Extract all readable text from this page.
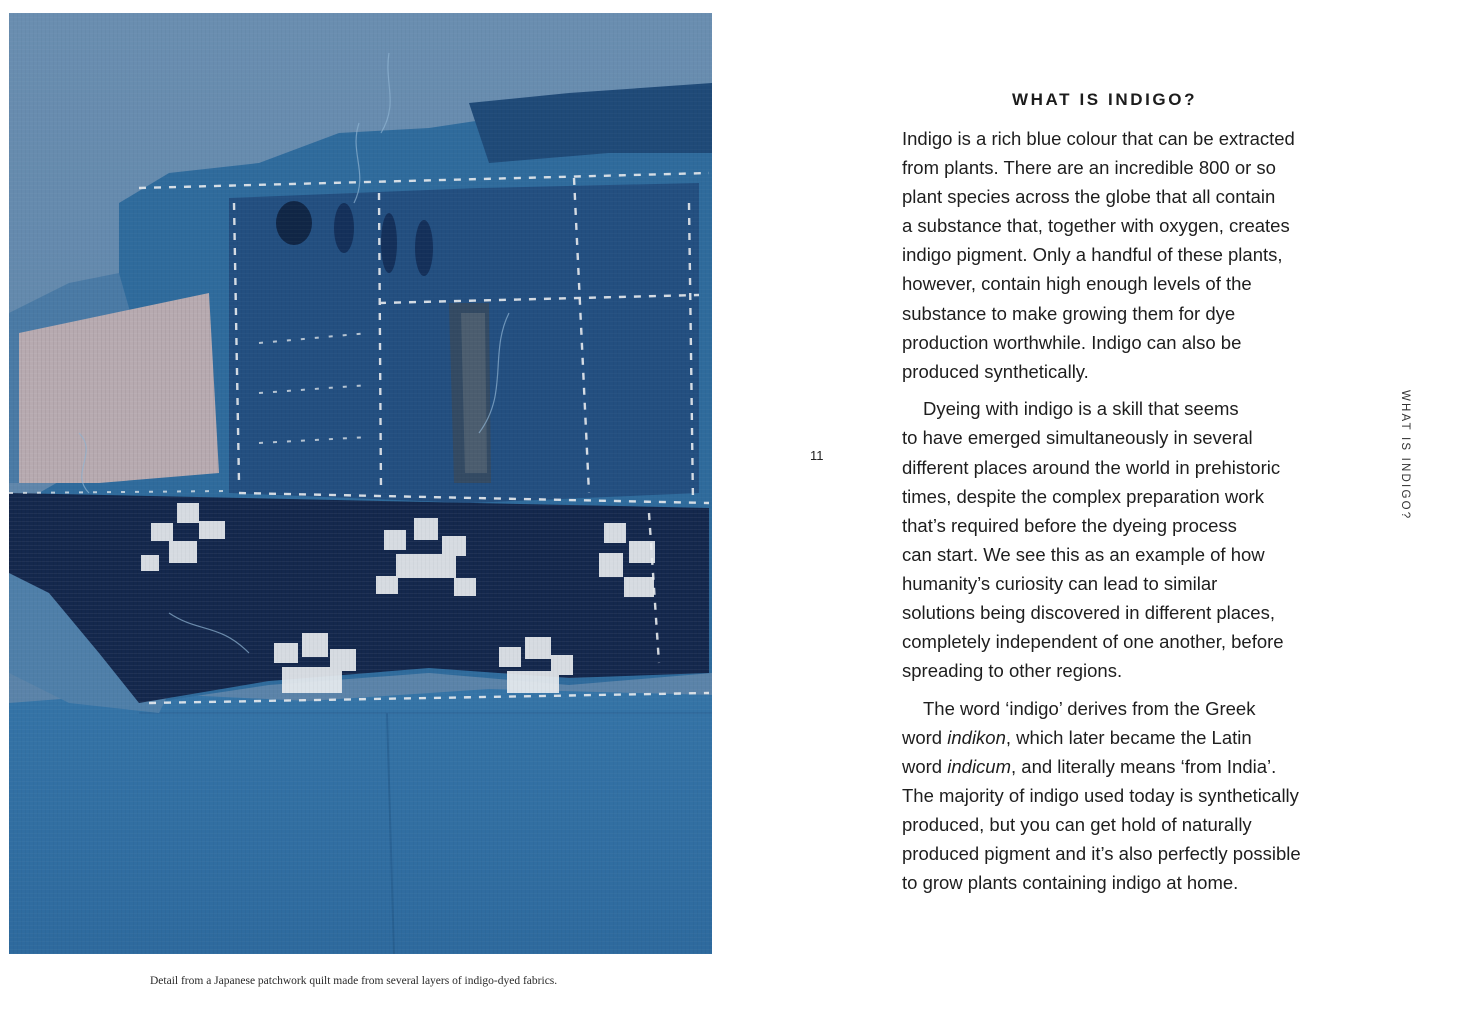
Detail from a Japanese patchwork quilt made from several layers of indigo-dyed fabrics.
11
WHAT IS INDIGO?

Indigo is a rich blue colour that can be extracted
from plants. There are an incredible 800 or so
plant species across the globe that all contain
a substance that, together with oxygen, creates
indigo pigment. Only a handful of these plants,
however, contain high enough levels of the
substance to make growing them for dye
production worthwhile. Indigo can also be
produced synthetically.

Dyeing with indigo is a skill that seems
to have emerged simultaneously in several
different places around the world in prehistoric
times, despite the complex preparation work
that’s required before the dyeing process
can start. We see this as an example of how
humanity’s curiosity can lead to similar
solutions being discovered in different places,
completely independent of one another, before
spreading to other regions.

The word ‘indigo’ derives from the Greek
word indikon, which later became the Latin
word indicum, and literally means ‘from India’.
The majority of indigo used today is synthetically
produced, but you can get hold of naturally
produced pigment and it’s also perfectly possible
to grow plants containing indigo at home.

WHAT IS INDIGO?
